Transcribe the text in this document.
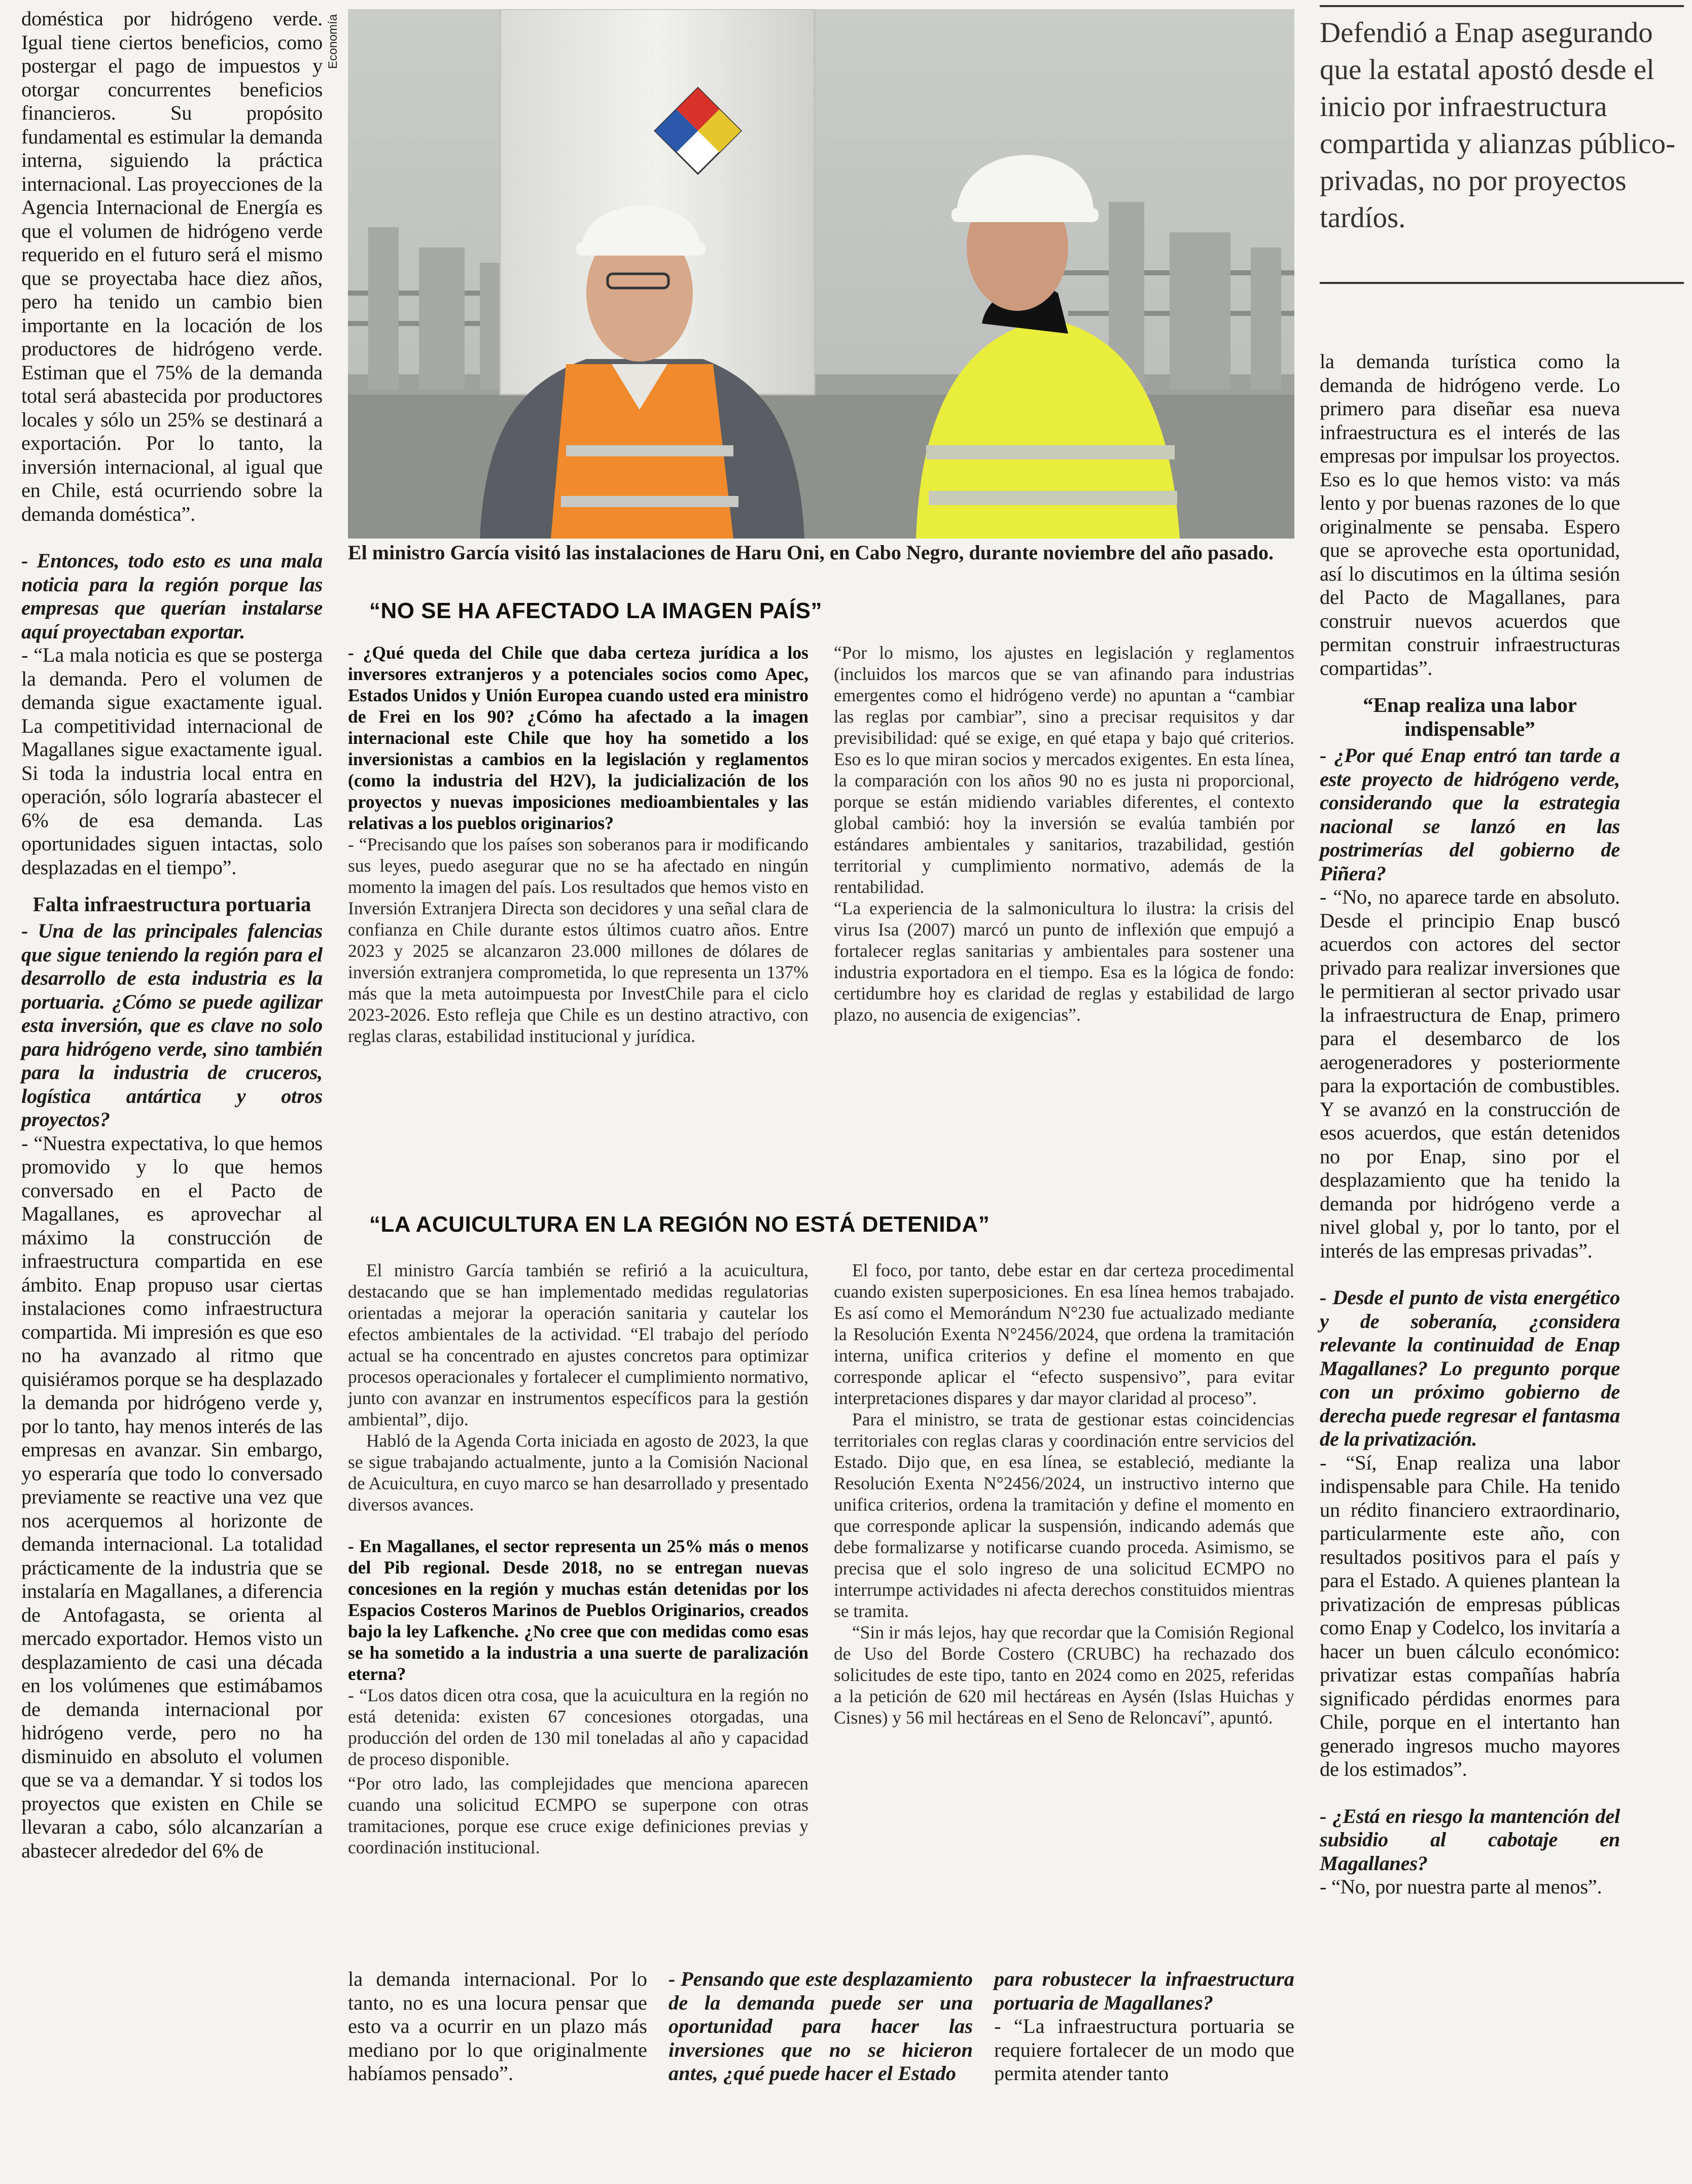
Economía

doméstica por hidrógeno verde. Igual tiene ciertos beneficios, como postergar el pago de impuestos y otorgar concurrentes beneficios financieros. Su propósito fundamental es estimular la demanda interna, siguiendo la práctica internacional. Las proyecciones de la Agencia Internacional de Energía es que el volumen de hidrógeno verde requerido en el futuro será el mismo que se proyectaba hace diez años, pero ha tenido un cambio bien importante en la locación de los productores de hidrógeno verde. Estiman que el 75% de la demanda total será abastecida por productores locales y sólo un 25% se destinará a exportación. Por lo tanto, la inversión internacional, al igual que en Chile, está ocurriendo sobre la demanda doméstica”.

- Entonces, todo esto es una mala noticia para la región porque las empresas que querían instalarse aquí proyectaban exportar.

- “La mala noticia es que se posterga la demanda. Pero el volumen de demanda sigue exactamente igual. La competitividad internacional de Magallanes sigue exactamente igual. Si toda la industria local entra en operación, sólo lograría abastecer el 6% de esa demanda. Las oportunidades siguen intactas, solo desplazadas en el tiempo”.

Falta infraestructura portuaria

- Una de las principales falencias que sigue teniendo la región para el desarrollo de esta industria es la portuaria. ¿Cómo se puede agilizar esta inversión, que es clave no solo para hidrógeno verde, sino también para la industria de cruceros, logística antártica y otros proyectos?

- “Nuestra expectativa, lo que hemos promovido y lo que hemos conversado en el Pacto de Magallanes, es aprovechar al máximo la construcción de infraestructura compartida en ese ámbito. Enap propuso usar ciertas instalaciones como infraestructura compartida. Mi impresión es que eso no ha avanzado al ritmo que quisiéramos porque se ha desplazado la demanda por hidrógeno verde y, por lo tanto, hay menos interés de las empresas en avanzar. Sin embargo, yo esperaría que todo lo conversado previamente se reactive una vez que nos acerquemos al horizonte de demanda internacional. La totalidad prácticamente de la industria que se instalaría en Magallanes, a diferencia de Antofagasta, se orienta al mercado exportador. Hemos visto un desplazamiento de casi una década en los volúmenes que estimábamos de demanda internacional por hidrógeno verde, pero no ha disminuido en absoluto el volumen que se va a demandar. Y si todos los proyectos que existen en Chile se llevaran a cabo, sólo alcanzarían a abastecer alrededor del 6% de

El ministro García visitó las instalaciones de Haru Oni, en Cabo Negro, durante noviembre del año pasado.
Defendió a Enap asegurando que la estatal apostó desde el inicio por infraestructura compartida y alianzas público-privadas, no por proyectos tardíos.
“NO SE HA AFECTADO LA IMAGEN PAÍS”

- ¿Qué queda del Chile que daba certeza jurídica a los inversores extranjeros y a potenciales socios como Apec, Estados Unidos y Unión Europea cuando usted era ministro de Frei en los 90? ¿Cómo ha afectado a la imagen internacional este Chile que hoy ha sometido a los inversionistas a cambios en la legislación y reglamentos (como la industria del H2V), la judicialización de los proyectos y nuevas imposiciones medioambientales y las relativas a los pueblos originarios?

- “Precisando que los países son soberanos para ir modificando sus leyes, puedo asegurar que no se ha afectado en ningún momento la imagen del país. Los resultados que hemos visto en Inversión Extranjera Directa son decidores y una señal clara de confianza en Chile durante estos últimos cuatro años. Entre 2023 y 2025 se alcanzaron 23.000 millones de dólares de inversión extranjera comprometida, lo que representa un 137% más que la meta autoimpuesta por InvestChile para el ciclo 2023-2026. Esto refleja que Chile es un destino atractivo, con reglas claras, estabilidad institucional y jurídica.

“Por lo mismo, los ajustes en legislación y reglamentos (incluidos los marcos que se van afinando para industrias emergentes como el hidrógeno verde) no apuntan a “cambiar las reglas por cambiar”, sino a precisar requisitos y dar previsibilidad: qué se exige, en qué etapa y bajo qué criterios. Eso es lo que miran socios y mercados exigentes. En esta línea, la comparación con los años 90 no es justa ni proporcional, porque se están midiendo variables diferentes, el contexto global cambió: hoy la inversión se evalúa también por estándares ambientales y sanitarios, trazabilidad, gestión territorial y cumplimiento normativo, además de la rentabilidad.

“La experiencia de la salmonicultura lo ilustra: la crisis del virus Isa (2007) marcó un punto de inflexión que empujó a fortalecer reglas sanitarias y ambientales para sostener una industria exportadora en el tiempo. Esa es la lógica de fondo: certidumbre hoy es claridad de reglas y estabilidad de largo plazo, no ausencia de exigencias”.

“LA ACUICULTURA EN LA REGIÓN NO ESTÁ DETENIDA”

El ministro García también se refirió a la acuicultura, destacando que se han implementado medidas regulatorias orientadas a mejorar la operación sanitaria y cautelar los efectos ambientales de la actividad. “El trabajo del período actual se ha concentrado en ajustes concretos para optimizar procesos operacionales y fortalecer el cumplimiento normativo, junto con avanzar en instrumentos específicos para la gestión ambiental”, dijo.

Habló de la Agenda Corta iniciada en agosto de 2023, la que se sigue trabajando actualmente, junto a la Comisión Nacional de Acuicultura, en cuyo marco se han desarrollado y presentado diversos avances.

- En Magallanes, el sector representa un 25% más o menos del Pib regional. Desde 2018, no se entregan nuevas concesiones en la región y muchas están detenidas por los Espacios Costeros Marinos de Pueblos Originarios, creados bajo la ley Lafkenche. ¿No cree que con medidas como esas se ha sometido a la industria a una suerte de paralización eterna?

- “Los datos dicen otra cosa, que la acuicultura en la región no está detenida: existen 67 concesiones otorgadas, una producción del orden de 130 mil toneladas al año y capacidad de proceso disponible.

“Por otro lado, las complejidades que menciona aparecen cuando una solicitud ECMPO se superpone con otras tramitaciones, porque ese cruce exige definiciones previas y coordinación institucional.

El foco, por tanto, debe estar en dar certeza procedimental cuando existen superposiciones. En esa línea hemos trabajado. Es así como el Memorándum N°230 fue actualizado mediante la Resolución Exenta N°2456/2024, que ordena la tramitación interna, unifica criterios y define el momento en que corresponde aplicar el “efecto suspensivo”, para evitar interpretaciones dispares y dar mayor claridad al proceso”.

Para el ministro, se trata de gestionar estas coincidencias territoriales con reglas claras y coordinación entre servicios del Estado. Dijo que, en esa línea, se estableció, mediante la Resolución Exenta N°2456/2024, un instructivo interno que unifica criterios, ordena la tramitación y define el momento en que corresponde aplicar la suspensión, indicando además que debe formalizarse y notificarse cuando proceda. Asimismo, se precisa que el solo ingreso de una solicitud ECMPO no interrumpe actividades ni afecta derechos constituidos mientras se tramita.

“Sin ir más lejos, hay que recordar que la Comisión Regional de Uso del Borde Costero (CRUBC) ha rechazado dos solicitudes de este tipo, tanto en 2024 como en 2025, referidas a la petición de 620 mil hectáreas en Aysén (Islas Huichas y Cisnes) y 56 mil hectáreas en el Seno de Reloncaví”, apuntó.

la demanda internacional. Por lo tanto, no es una locura pensar que esto va a ocurrir en un plazo más mediano por lo que originalmente habíamos pensado”.

- Pensando que este desplazamiento de la demanda puede ser una oportunidad para hacer las inversiones que no se hicieron antes, ¿qué puede hacer el Estado

para robustecer la infraestructura portuaria de Magallanes?

- “La infraestructura portuaria se requiere fortalecer de un modo que permita atender tanto

la demanda turística como la demanda de hidrógeno verde. Lo primero para diseñar esa nueva infraestructura es el interés de las empresas por impulsar los proyectos. Eso es lo que hemos visto: va más lento y por buenas razones de lo que originalmente se pensaba. Espero que se aproveche esta oportunidad, así lo discutimos en la última sesión del Pacto de Magallanes, para construir nuevos acuerdos que permitan construir infraestructuras compartidas”.

“Enap realiza una labor indispensable”

- ¿Por qué Enap entró tan tarde a este proyecto de hidrógeno verde, considerando que la estrategia nacional se lanzó en las postrimerías del gobierno de Piñera?

- “No, no aparece tarde en absoluto. Desde el principio Enap buscó acuerdos con actores del sector privado para realizar inversiones que le permitieran al sector privado usar la infraestructura de Enap, primero para el desembarco de los aerogeneradores y posteriormente para la exportación de combustibles. Y se avanzó en la construcción de esos acuerdos, que están detenidos no por Enap, sino por el desplazamiento que ha tenido la demanda por hidrógeno verde a nivel global y, por lo tanto, por el interés de las empresas privadas”.

- Desde el punto de vista energético y de soberanía, ¿considera relevante la continuidad de Enap Magallanes? Lo pregunto porque con un próximo gobierno de derecha puede regresar el fantasma de la privatización.

- “Sí, Enap realiza una labor indispensable para Chile. Ha tenido un rédito financiero extraordinario, particularmente este año, con resultados positivos para el país y para el Estado. A quienes plantean la privatización de empresas públicas como Enap y Codelco, los invitaría a hacer un buen cálculo económico: privatizar estas compañías habría significado pérdidas enormes para Chile, porque en el intertanto han generado ingresos mucho mayores de los estimados”.

- ¿Está en riesgo la mantención del subsidio al cabotaje en Magallanes?

- “No, por nuestra parte al menos”.
